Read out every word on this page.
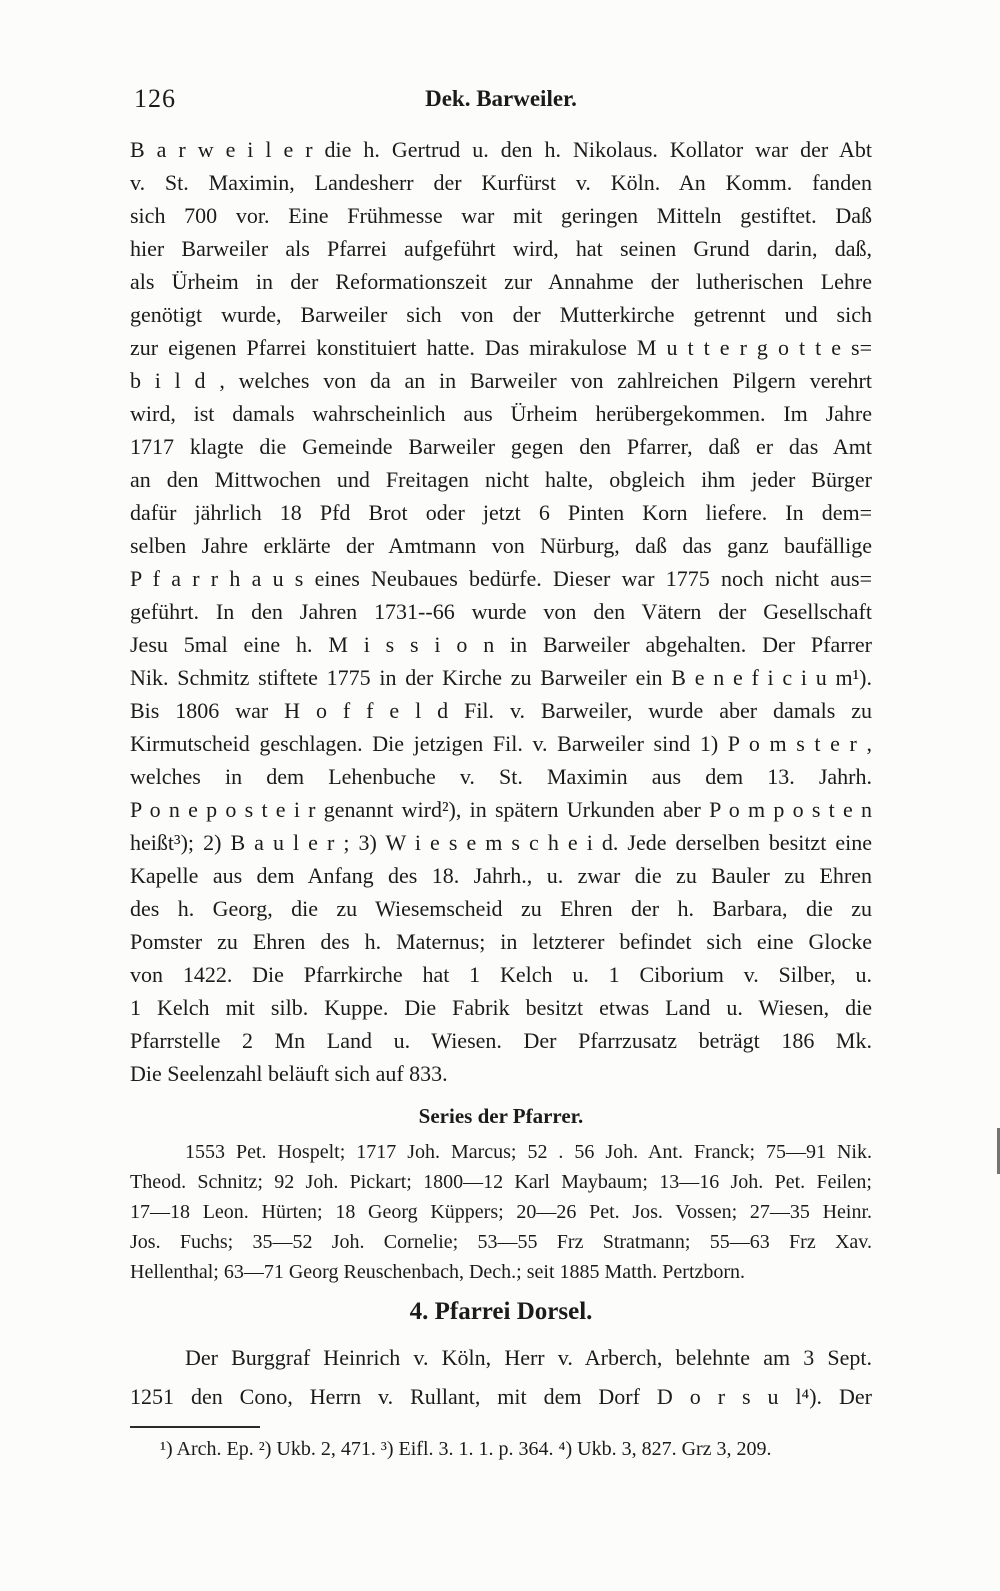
126	Dek. Barweiler.
B a r w e i l e r die h. Gertrud u. den h. Nikolaus. Kollator war der Abt
v. St. Maximin, Landesherr der Kurfürst v. Köln. An Komm. fanden
sich 700 vor. Eine Frühmesse war mit geringen Mitteln gestiftet. Daß
hier Barweiler als Pfarrei aufgeführt wird, hat seinen Grund darin, daß,
als Ürheim in der Reformationszeit zur Annahme der lutherischen Lehre
genötigt wurde, Barweiler sich von der Mutterkirche getrennt und sich
zur eigenen Pfarrei konstituiert hatte. Das mirakulose M u t t e r g o t t e s=
b i l d , welches von da an in Barweiler von zahlreichen Pilgern verehrt
wird, ist damals wahrscheinlich aus Ürheim herübergekommen. Im Jahre
1717 klagte die Gemeinde Barweiler gegen den Pfarrer, daß er das Amt
an den Mittwochen und Freitagen nicht halte, obgleich ihm jeder Bürger
dafür jährlich 18 Pfd Brot oder jetzt 6 Pinten Korn liefere. In dem=
selben Jahre erklärte der Amtmann von Nürburg, daß das ganz baufällige
P f a r r h a u s eines Neubaues bedürfe. Dieser war 1775 noch nicht aus=
geführt. In den Jahren 1731--66 wurde von den Vätern der Gesellschaft
Jesu 5mal eine h. M i s s i o n in Barweiler abgehalten. Der Pfarrer
Nik. Schmitz stiftete 1775 in der Kirche zu Barweiler ein B e n e f i c i u m¹).
Bis 1806 war H o f f e l d Fil. v. Barweiler, wurde aber damals zu
Kirmutscheid geschlagen. Die jetzigen Fil. v. Barweiler sind 1) P o m s t e r ,
welches in dem Lehenbuche v. St. Maximin aus dem 13. Jahrh.
P o n e p o s t e i r genannt wird²), in spätern Urkunden aber P o m p o s t e n
heißt³); 2) B a u l e r ; 3) W i e s e m s c h e i d. Jede derselben besitzt eine
Kapelle aus dem Anfang des 18. Jahrh., u. zwar die zu Bauler zu Ehren
des h. Georg, die zu Wiesemscheid zu Ehren der h. Barbara, die zu
Pomster zu Ehren des h. Maternus; in letzterer befindet sich eine Glocke
von 1422. Die Pfarrkirche hat 1 Kelch u. 1 Ciborium v. Silber, u.
1 Kelch mit silb. Kuppe. Die Fabrik besitzt etwas Land u. Wiesen, die
Pfarrstelle 2 Mn Land u. Wiesen. Der Pfarrzusatz beträgt 186 Mk.
Die Seelenzahl beläuft sich auf 833.
Series der Pfarrer.
1553 Pet. Hospelt; 1717 Joh. Marcus; 52 . 56 Joh. Ant. Franck; 75—91 Nik.
Theod. Schnitz; 92 Joh. Pickart; 1800—12 Karl Maybaum; 13—16 Joh. Pet. Feilen;
17—18 Leon. Hürten; 18 Georg Küppers; 20—26 Pet. Jos. Vossen; 27—35 Heinr.
Jos. Fuchs; 35—52 Joh. Cornelie; 53—55 Frz Stratmann; 55—63 Frz Xav.
Hellenthal; 63—71 Georg Reuschenbach, Dech.; seit 1885 Matth. Pertzborn.
4. Pfarrei Dorsel.
Der Burggraf Heinrich v. Köln, Herr v. Arberch, belehnte am 3 Sept.
1251 den Cono, Herrn v. Rullant, mit dem Dorf D o r s u l⁴). Der
¹) Arch. Ep. ²) Ukb. 2, 471. ³) Eifl. 3. 1. 1. p. 364. ⁴) Ukb. 3, 827. Grz 3, 209.
